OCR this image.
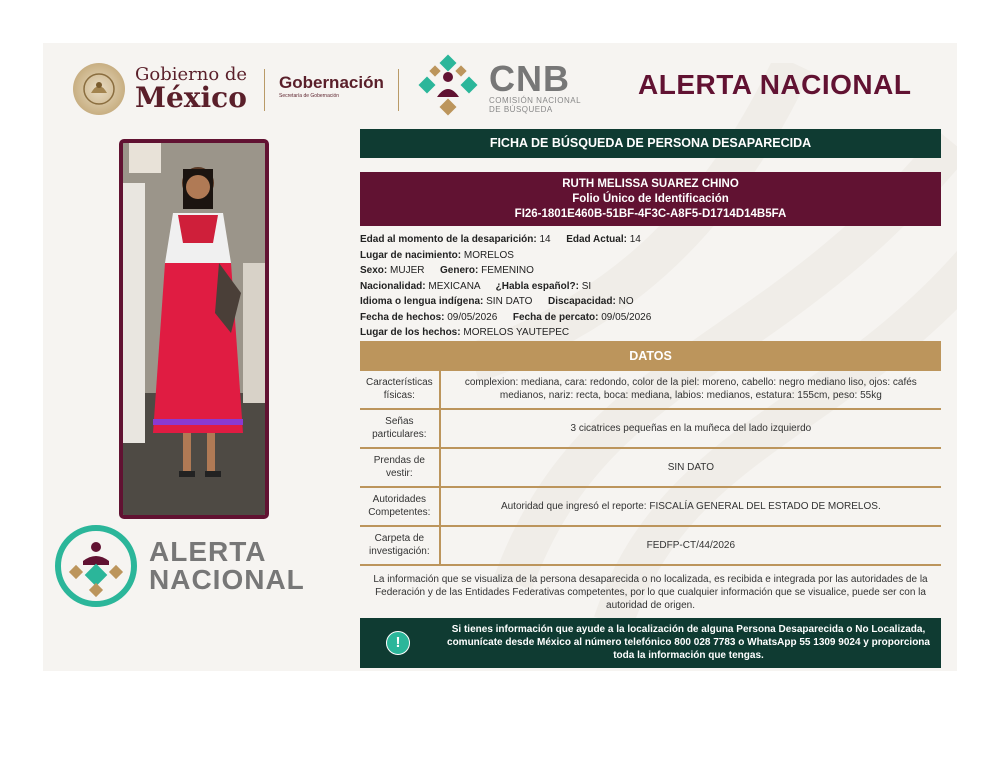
Gobierno de
México Gobernación
Secretaría de Gobernación	CNB
COMISIÓN NACIONAL
DE BÚSQUEDA
ALERTA NACIONAL
ALERTA
NACIONAL
FICHA DE BÚSQUEDA DE PERSONA DESAPARECIDA
RUTH MELISSA SUAREZ CHINO
Folio Único de Identificación
FI26-1801E460B-51BF-4F3C-A8F5-D1714D14B5FA
Edad al momento de la desaparición: 14 Edad Actual: 14
Lugar de nacimiento: MORELOS
Sexo: MUJER Genero: FEMENINO
Nacionalidad: MEXICANA ¿Habla español?: SI
Idioma o lengua indígena: SIN DATO Discapacidad: NO
Fecha de hechos: 09/05/2026 Fecha de percato: 09/05/2026
Lugar de los hechos: MORELOS YAUTEPEC
DATOS
Características físicas:	complexion: mediana, cara: redondo, color de la piel: moreno, cabello: negro mediano liso, ojos: cafés medianos, nariz: recta, boca: mediana, labios: medianos, estatura: 155cm, peso: 55kg
Señas particulares:	3 cicatrices pequeñas en la muñeca del lado izquierdo
Prendas de vestir:	SIN DATO
Autoridades Competentes:	Autoridad que ingresó el reporte: FISCALÍA GENERAL DEL ESTADO DE MORELOS.
Carpeta de investigación:	FEDFP-CT/44/2026
La información que se visualiza de la persona desaparecida o no localizada, es recibida e integrada por las autoridades de la Federación y de las Entidades Federativas competentes, por lo que cualquier información que se visualice, puede ser con la autoridad de origen.
!
Si tienes información que ayude a la localización de alguna Persona Desaparecida o No Localizada, comunícate desde México al número telefónico 800 028 7783 o WhatsApp 55 1309 9024 y proporciona toda la información que tengas.
